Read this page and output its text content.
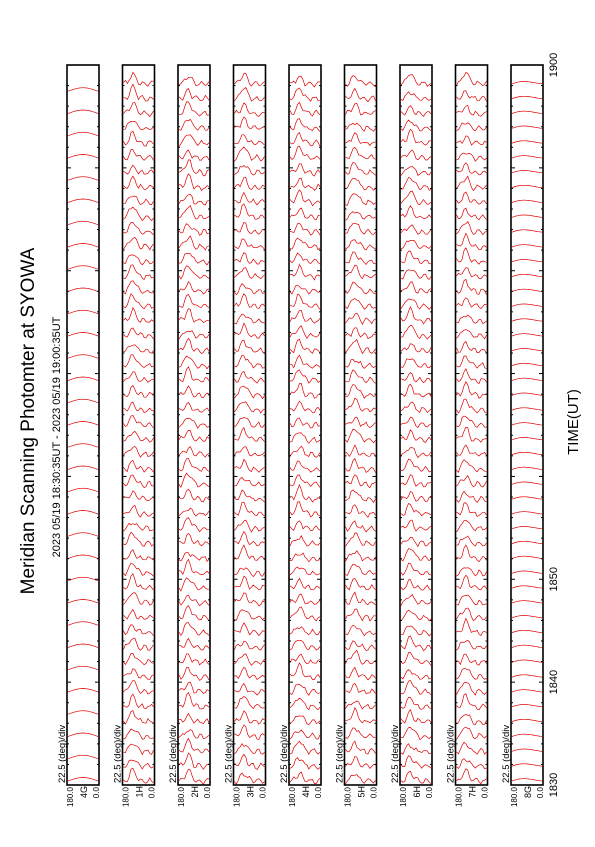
Meridian Scanning Photomter at SYOWA 2023 05/19 18:30:35UT - 2023 05/19 19:00:35UT
180.0 0.0
4G
22.5 (deg)/div
180.0 0.0
1H
22.5 (deg)/div
180.0 0.0
2H
22.5 (deg)/div
180.0 0.0
3H
22.5 (deg)/div
180.0 0.0
4H
22.5 (deg)/div
180.0 0.0
5H
22.5 (deg)/div
180.0 0.0
6H
22.5 (deg)/div
180.0 0.0
7H
22.5 (deg)/div
180.0 0.0
8G
22.5 (deg)/div
1830
1840
1850
1900
TIME(UT)
